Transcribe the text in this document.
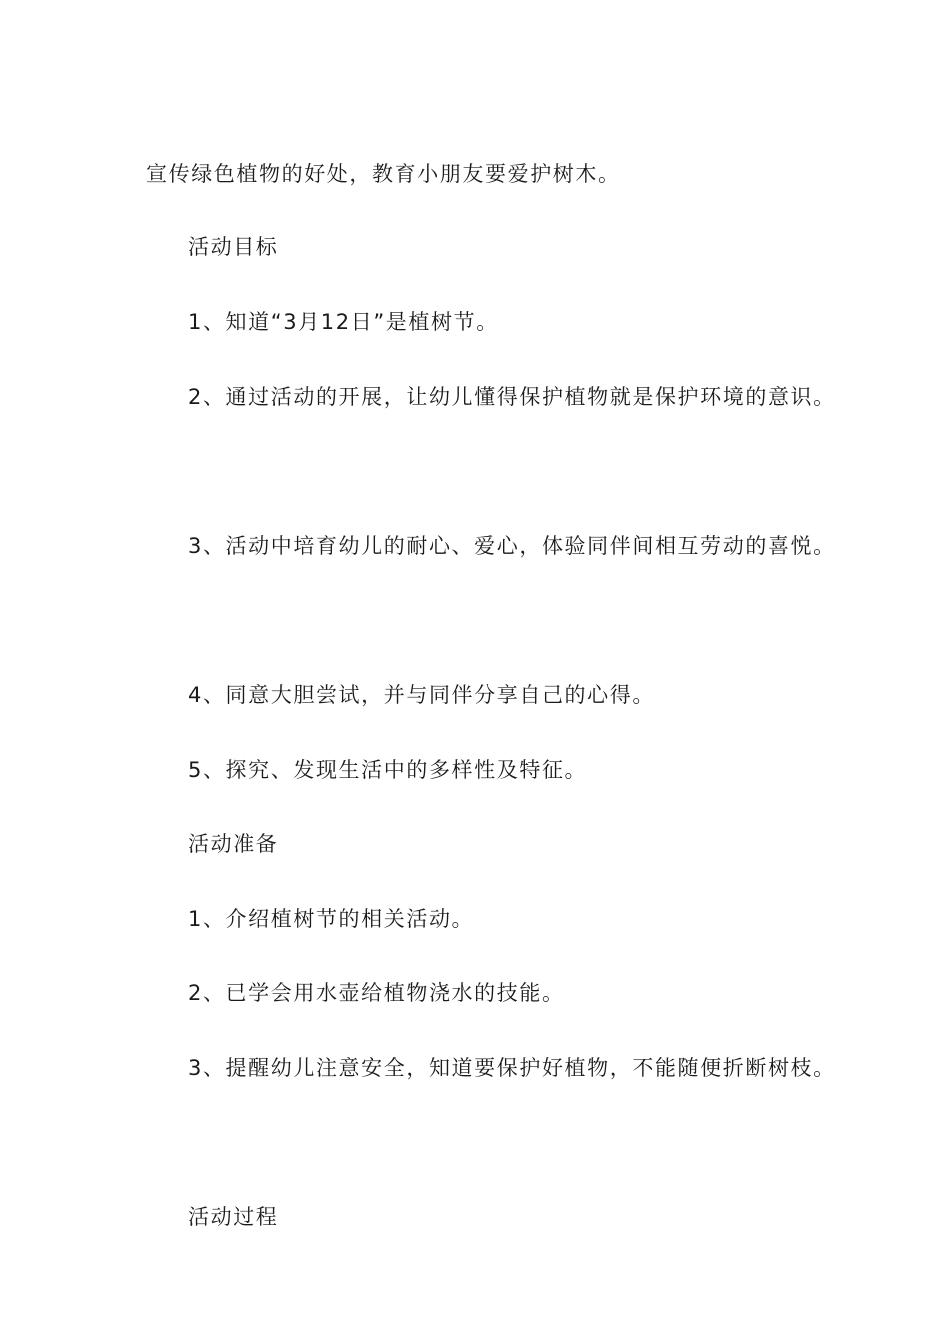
宣传绿色植物的好处，教育小朋友要爱护树木。

活动目标

1、知道“3月12日”是植树节。

2、通过活动的开展，让幼儿懂得保护植物就是保护环境的意识。

3、活动中培育幼儿的耐心、爱心，体验同伴间相互劳动的喜悦。

4、同意大胆尝试，并与同伴分享自己的心得。

5、探究、发现生活中的多样性及特征。

活动准备

1、介绍植树节的相关活动。

2、已学会用水壶给植物浇水的技能。

3、提醒幼儿注意安全，知道要保护好植物，不能随便折断树枝。

活动过程
